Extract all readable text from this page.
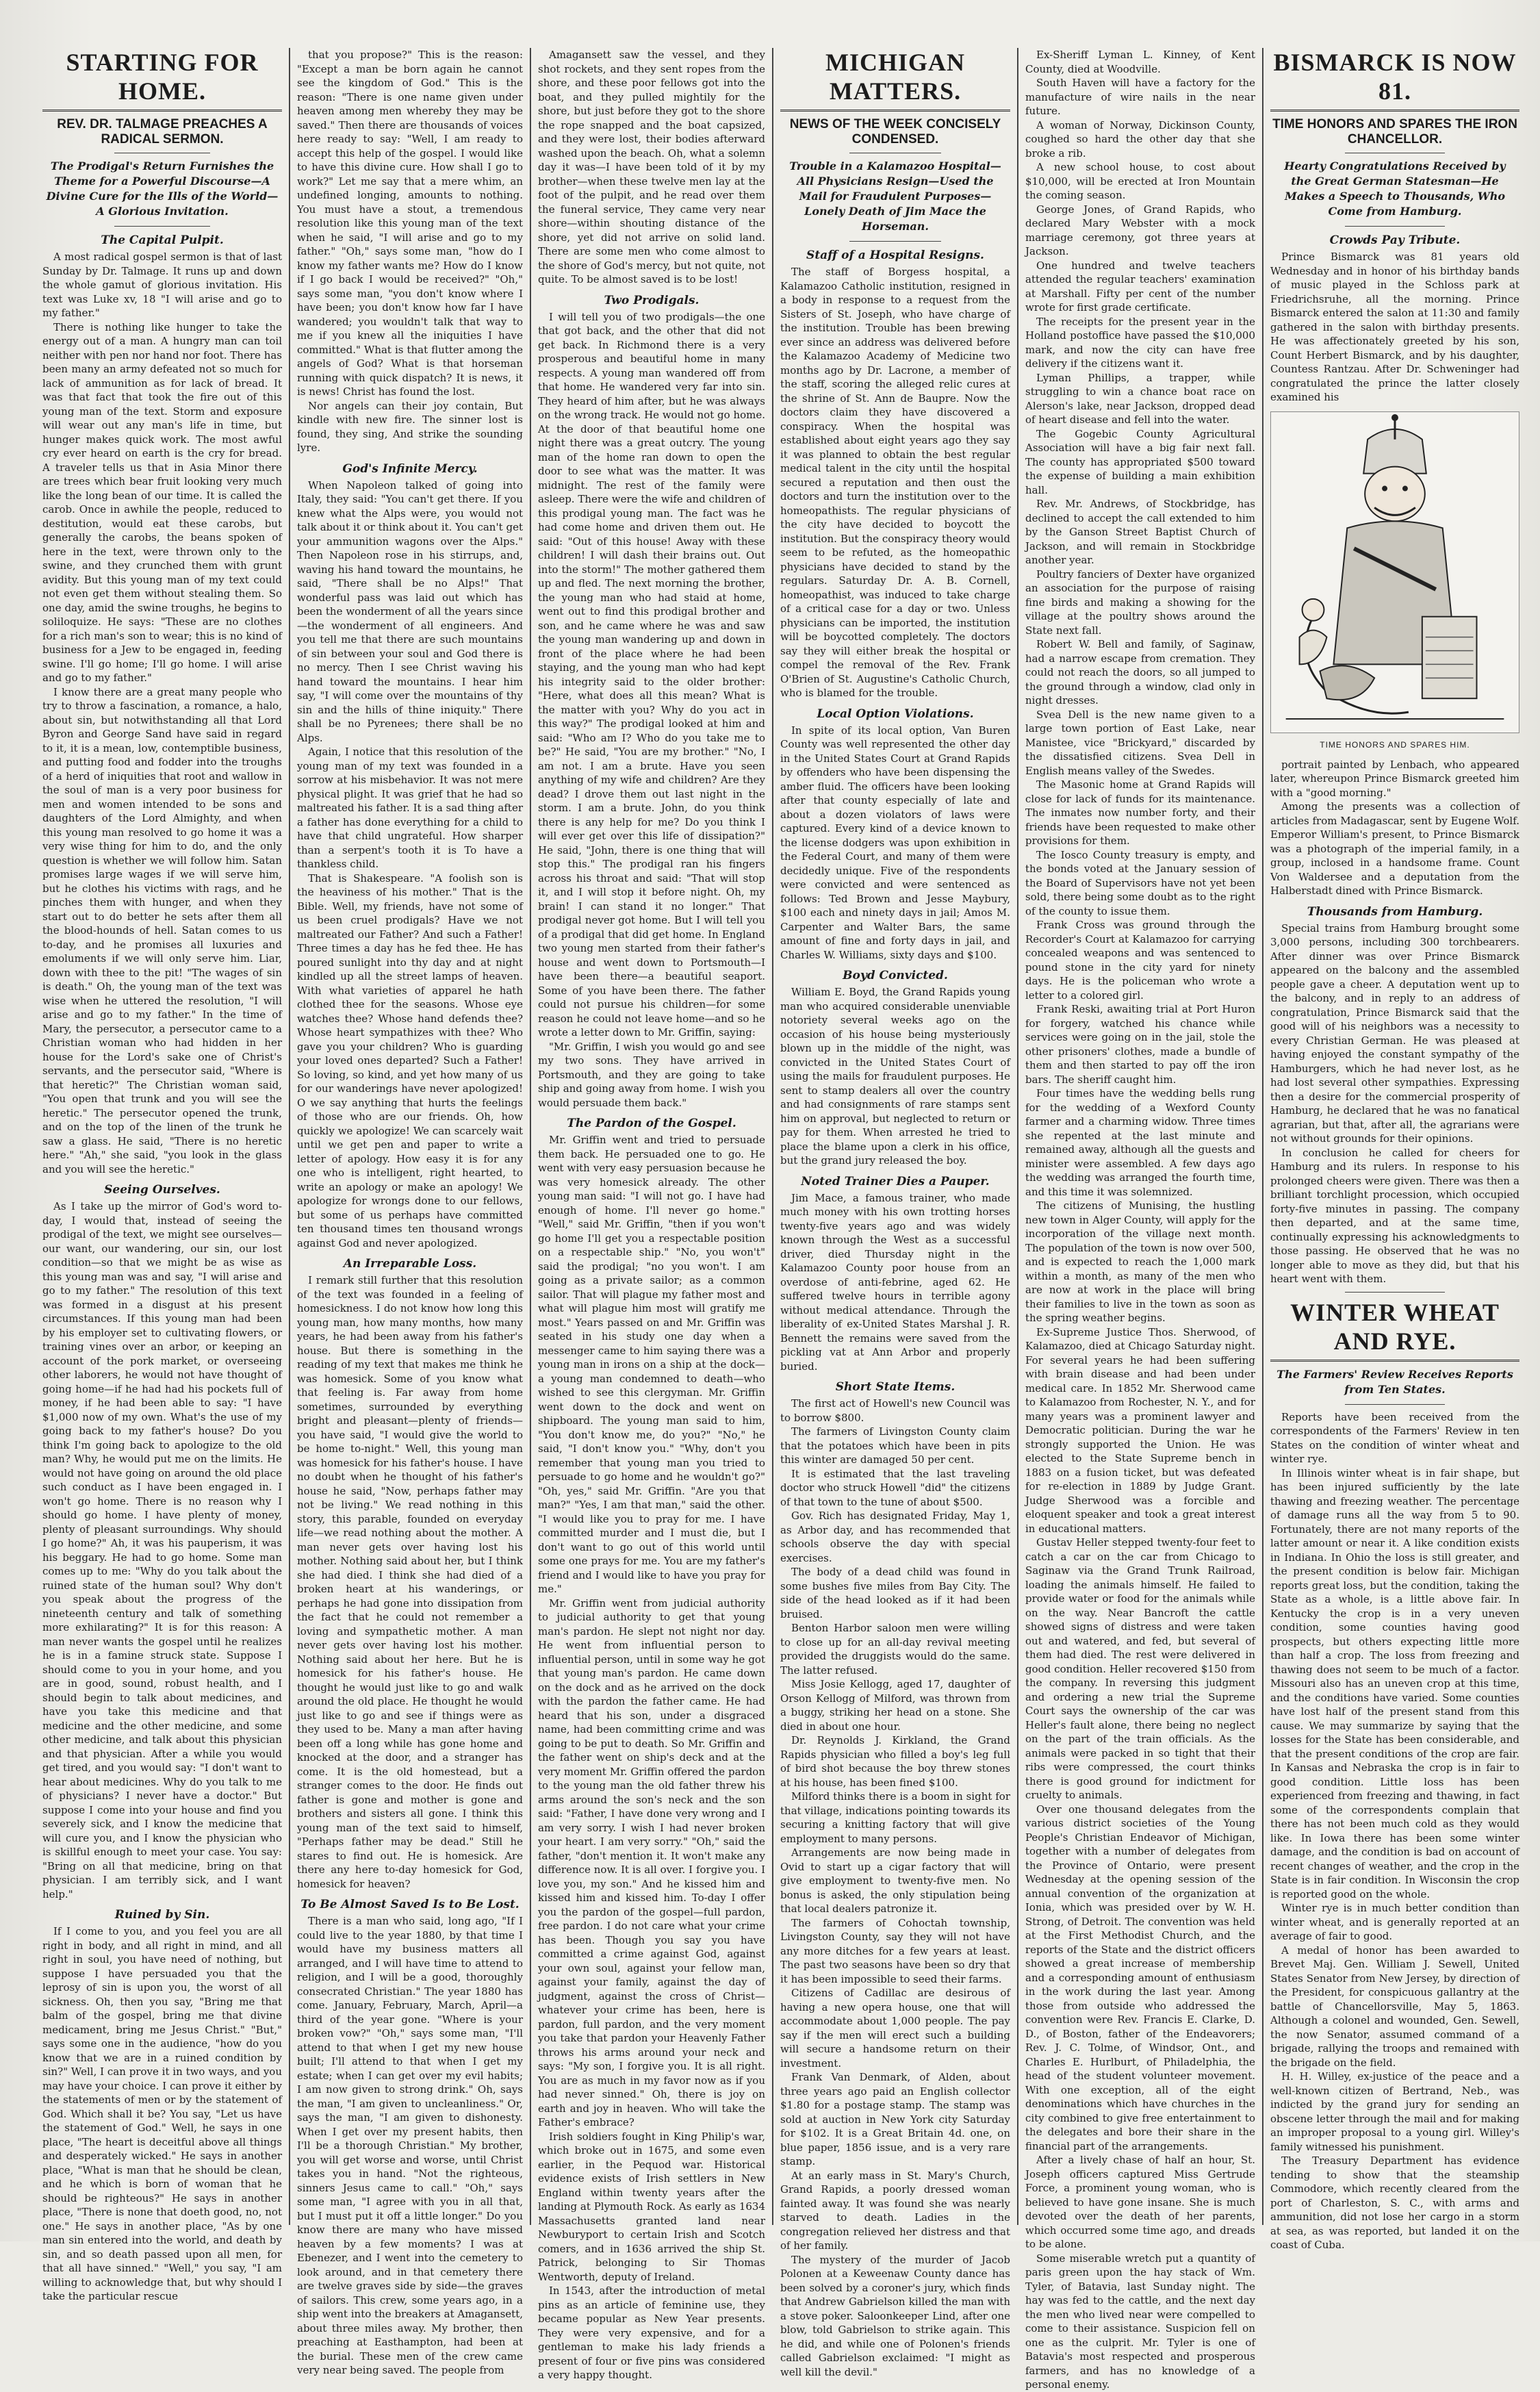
STARTING FOR HOME.
REV. DR. TALMAGE PREACHES A RADICAL SERMON.
The Prodigal's Return Furnishes the Theme for a Powerful Discourse—A Divine Cure for the Ills of the World—A Glorious Invitation.
The Capital Pulpit.

A most radical gospel sermon is that of last Sunday by Dr. Talmage. It runs up and down the whole gamut of glorious invitation. His text was Luke xv, 18 "I will arise and go to my father."

There is nothing like hunger to take the energy out of a man. A hungry man can toil neither with pen nor hand nor foot. There has been many an army defeated not so much for lack of ammunition as for lack of bread. It was that fact that took the fire out of this young man of the text. Storm and exposure will wear out any man's life in time, but hunger makes quick work. The most awful cry ever heard on earth is the cry for bread. A traveler tells us that in Asia Minor there are trees which bear fruit looking very much like the long bean of our time. It is called the carob. Once in awhile the people, reduced to destitution, would eat these carobs, but generally the carobs, the beans spoken of here in the text, were thrown only to the swine, and they crunched them with grunt avidity. But this young man of my text could not even get them without stealing them. So one day, amid the swine troughs, he begins to soliloquize. He says: "These are no clothes for a rich man's son to wear; this is no kind of business for a Jew to be engaged in, feeding swine. I'll go home; I'll go home. I will arise and go to my father."

I know there are a great many people who try to throw a fascination, a romance, a halo, about sin, but notwithstanding all that Lord Byron and George Sand have said in regard to it, it is a mean, low, contemptible business, and putting food and fodder into the troughs of a herd of iniquities that root and wallow in the soul of man is a very poor business for men and women intended to be sons and daughters of the Lord Almighty, and when this young man resolved to go home it was a very wise thing for him to do, and the only question is whether we will follow him. Satan promises large wages if we will serve him, but he clothes his victims with rags, and he pinches them with hunger, and when they start out to do better he sets after them all the blood-hounds of hell. Satan comes to us to-day, and he promises all luxuries and emoluments if we will only serve him. Liar, down with thee to the pit! "The wages of sin is death." Oh, the young man of the text was wise when he uttered the resolution, "I will arise and go to my father." In the time of Mary, the persecutor, a persecutor came to a Christian woman who had hidden in her house for the Lord's sake one of Christ's servants, and the persecutor said, "Where is that heretic?" The Christian woman said, "You open that trunk and you will see the heretic." The persecutor opened the trunk, and on the top of the linen of the trunk he saw a glass. He said, "There is no heretic here." "Ah," she said, "you look in the glass and you will see the heretic."

Seeing Ourselves.

As I take up the mirror of God's word to-day, I would that, instead of seeing the prodigal of the text, we might see ourselves—our want, our wandering, our sin, our lost condition—so that we might be as wise as this young man was and say, "I will arise and go to my father." The resolution of this text was formed in a disgust at his present circumstances. If this young man had been by his employer set to cultivating flowers, or training vines over an arbor, or keeping an account of the pork market, or overseeing other laborers, he would not have thought of going home—if he had had his pockets full of money, if he had been able to say: "I have $1,000 now of my own. What's the use of my going back to my father's house? Do you think I'm going back to apologize to the old man? Why, he would put me on the limits. He would not have going on around the old place such conduct as I have been engaged in. I won't go home. There is no reason why I should go home. I have plenty of money, plenty of pleasant surroundings. Why should I go home?" Ah, it was his pauperism, it was his beggary. He had to go home. Some man comes up to me: "Why do you talk about the ruined state of the human soul? Why don't you speak about the progress of the nineteenth century and talk of something more exhilarating?" It is for this reason: A man never wants the gospel until he realizes he is in a famine struck state. Suppose I should come to you in your home, and you are in good, sound, robust health, and I should begin to talk about medicines, and have you take this medicine and that medicine and the other medicine, and some other medicine, and talk about this physician and that physician. After a while you would get tired, and you would say: "I don't want to hear about medicines. Why do you talk to me of physicians? I never have a doctor." But suppose I come into your house and find you severely sick, and I know the medicine that will cure you, and I know the physician who is skillful enough to meet your case. You say: "Bring on all that medicine, bring on that physician. I am terribly sick, and I want help."

Ruined by Sin.

If I come to you, and you feel you are all right in body, and all right in mind, and all right in soul, you have need of nothing, but suppose I have persuaded you that the leprosy of sin is upon you, the worst of all sickness. Oh, then you say, "Bring me that balm of the gospel, bring me that divine medicament, bring me Jesus Christ." "But," says some one in the audience, "how do you know that we are in a ruined condition by sin?" Well, I can prove it in two ways, and you may have your choice. I can prove it either by the statements of men or by the statement of God. Which shall it be? You say, "Let us have the statement of God." Well, he says in one place, "The heart is deceitful above all things and desperately wicked." He says in another place, "What is man that he should be clean, and he which is born of woman that he should be righteous?" He says in another place, "There is none that doeth good, no, not one." He says in another place, "As by one man sin entered into the world, and death by sin, and so death passed upon all men, for that all have sinned." "Well," you say, "I am willing to acknowledge that, but why should I take the particular rescue

that you propose?" This is the reason: "Except a man be born again he cannot see the kingdom of God." This is the reason: "There is one name given under heaven among men whereby they may be saved." Then there are thousands of voices here ready to say: "Well, I am ready to accept this help of the gospel. I would like to have this divine cure. How shall I go to work?" Let me say that a mere whim, an undefined longing, amounts to nothing. You must have a stout, a tremendous resolution like this young man of the text when he said, "I will arise and go to my father." "Oh," says some man, "how do I know my father wants me? How do I know if I go back I would be received?" "Oh," says some man, "you don't know where I have been; you don't know how far I have wandered; you wouldn't talk that way to me if you knew all the iniquities I have committed." What is that flutter among the angels of God? What is that horseman running with quick dispatch? It is news, it is news! Christ has found the lost.

Nor angels can their joy contain, But kindle with new fire. The sinner lost is found, they sing, And strike the sounding lyre.

God's Infinite Mercy.

When Napoleon talked of going into Italy, they said: "You can't get there. If you knew what the Alps were, you would not talk about it or think about it. You can't get your ammunition wagons over the Alps." Then Napoleon rose in his stirrups, and, waving his hand toward the mountains, he said, "There shall be no Alps!" That wonderful pass was laid out which has been the wonderment of all the years since—the wonderment of all engineers. And you tell me that there are such mountains of sin between your soul and God there is no mercy. Then I see Christ waving his hand toward the mountains. I hear him say, "I will come over the mountains of thy sin and the hills of thine iniquity." There shall be no Pyrenees; there shall be no Alps.

Again, I notice that this resolution of the young man of my text was founded in a sorrow at his misbehavior. It was not mere physical plight. It was grief that he had so maltreated his father. It is a sad thing after a father has done everything for a child to have that child ungrateful. How sharper than a serpent's tooth it is To have a thankless child.

That is Shakespeare. "A foolish son is the heaviness of his mother." That is the Bible. Well, my friends, have not some of us been cruel prodigals? Have we not maltreated our Father? And such a Father! Three times a day has he fed thee. He has poured sunlight into thy day and at night kindled up all the street lamps of heaven. With what varieties of apparel he hath clothed thee for the seasons. Whose eye watches thee? Whose hand defends thee? Whose heart sympathizes with thee? Who gave you your children? Who is guarding your loved ones departed? Such a Father! So loving, so kind, and yet how many of us for our wanderings have never apologized! O we say anything that hurts the feelings of those who are our friends. Oh, how quickly we apologize! We can scarcely wait until we get pen and paper to write a letter of apology. How easy it is for any one who is intelligent, right hearted, to write an apology or make an apology! We apologize for wrongs done to our fellows, but some of us perhaps have committed ten thousand times ten thousand wrongs against God and never apologized.

An Irreparable Loss.

I remark still further that this resolution of the text was founded in a feeling of homesickness. I do not know how long this young man, how many months, how many years, he had been away from his father's house. But there is something in the reading of my text that makes me think he was homesick. Some of you know what that feeling is. Far away from home sometimes, surrounded by everything bright and pleasant—plenty of friends—you have said, "I would give the world to be home to-night." Well, this young man was homesick for his father's house. I have no doubt when he thought of his father's house he said, "Now, perhaps father may not be living." We read nothing in this story, this parable, founded on everyday life—we read nothing about the mother. A man never gets over having lost his mother. Nothing said about her, but I think she had died. I think she had died of a broken heart at his wanderings, or perhaps he had gone into dissipation from the fact that he could not remember a loving and sympathetic mother. A man never gets over having lost his mother. Nothing said about her here. But he is homesick for his father's house. He thought he would just like to go and walk around the old place. He thought he would just like to go and see if things were as they used to be. Many a man after having been off a long while has gone home and knocked at the door, and a stranger has come. It is the old homestead, but a stranger comes to the door. He finds out father is gone and mother is gone and brothers and sisters all gone. I think this young man of the text said to himself, "Perhaps father may be dead." Still he stares to find out. He is homesick. Are there any here to-day homesick for God, homesick for heaven?

To Be Almost Saved Is to Be Lost.

There is a man who said, long ago, "If I could live to the year 1880, by that time I would have my business matters all arranged, and I will have time to attend to religion, and I will be a good, thoroughly consecrated Christian." The year 1880 has come. January, February, March, April—a third of the year gone. "Where is your broken vow?" "Oh," says some man, "I'll attend to that when I get my new house built; I'll attend to that when I get my estate; when I can get over my evil habits; I am now given to strong drink." Oh, says the man, "I am given to uncleanliness." Or, says the man, "I am given to dishonesty. When I get over my present habits, then I'll be a thorough Christian." My brother, you will get worse and worse, until Christ takes you in hand. "Not the righteous, sinners Jesus came to call." "Oh," says some man, "I agree with you in all that, but I must put it off a little longer." Do you know there are many who have missed heaven by a few moments? I was at Ebenezer, and I went into the cemetery to look around, and in that cemetery there are twelve graves side by side—the graves of sailors. This crew, some years ago, in a ship went into the breakers at Amagansett, about three miles away. My brother, then preaching at Easthampton, had been at the burial. These men of the crew came very near being saved. The people from

Amagansett saw the vessel, and they shot rockets, and they sent ropes from the shore, and these poor fellows got into the boat, and they pulled mightily for the shore, but just before they got to the shore the rope snapped and the boat capsized, and they were lost, their bodies afterward washed upon the beach. Oh, what a solemn day it was—I have been told of it by my brother—when these twelve men lay at the foot of the pulpit, and he read over them the funeral service, They came very near shore—within shouting distance of the shore, yet did not arrive on solid land. There are some men who come almost to the shore of God's mercy, but not quite, not quite. To be almost saved is to be lost!

Two Prodigals.

I will tell you of two prodigals—the one that got back, and the other that did not get back. In Richmond there is a very prosperous and beautiful home in many respects. A young man wandered off from that home. He wandered very far into sin. They heard of him after, but he was always on the wrong track. He would not go home. At the door of that beautiful home one night there was a great outcry. The young man of the home ran down to open the door to see what was the matter. It was midnight. The rest of the family were asleep. There were the wife and children of this prodigal young man. The fact was he had come home and driven them out. He said: "Out of this house! Away with these children! I will dash their brains out. Out into the storm!" The mother gathered them up and fled. The next morning the brother, the young man who had staid at home, went out to find this prodigal brother and son, and he came where he was and saw the young man wandering up and down in front of the place where he had been staying, and the young man who had kept his integrity said to the older brother: "Here, what does all this mean? What is the matter with you? Why do you act in this way?" The prodigal looked at him and said: "Who am I? Who do you take me to be?" He said, "You are my brother." "No, I am not. I am a brute. Have you seen anything of my wife and children? Are they dead? I drove them out last night in the storm. I am a brute. John, do you think there is any help for me? Do you think I will ever get over this life of dissipation?" He said, "John, there is one thing that will stop this." The prodigal ran his fingers across his throat and said: "That will stop it, and I will stop it before night. Oh, my brain! I can stand it no longer." That prodigal never got home. But I will tell you of a prodigal that did get home. In England two young men started from their father's house and went down to Portsmouth—I have been there—a beautiful seaport. Some of you have been there. The father could not pursue his children—for some reason he could not leave home—and so he wrote a letter down to Mr. Griffin, saying:

"Mr. Griffin, I wish you would go and see my two sons. They have arrived in Portsmouth, and they are going to take ship and going away from home. I wish you would persuade them back."

The Pardon of the Gospel.

Mr. Griffin went and tried to persuade them back. He persuaded one to go. He went with very easy persuasion because he was very homesick already. The other young man said: "I will not go. I have had enough of home. I'll never go home." "Well," said Mr. Griffin, "then if you won't go home I'll get you a respectable position on a respectable ship." "No, you won't" said the prodigal; "no you won't. I am going as a private sailor; as a common sailor. That will plague my father most and what will plague him most will gratify me most." Years passed on and Mr. Griffin was seated in his study one day when a messenger came to him saying there was a young man in irons on a ship at the dock—a young man condemned to death—who wished to see this clergyman. Mr. Griffin went down to the dock and went on shipboard. The young man said to him, "You don't know me, do you?" "No," he said, "I don't know you." "Why, don't you remember that young man you tried to persuade to go home and he wouldn't go?" "Oh, yes," said Mr. Griffin. "Are you that man?" "Yes, I am that man," said the other. "I would like you to pray for me. I have committed murder and I must die, but I don't want to go out of this world until some one prays for me. You are my father's friend and I would like to have you pray for me."

Mr. Griffin went from judicial authority to judicial authority to get that young man's pardon. He slept not night nor day. He went from influential person to influential person, until in some way he got that young man's pardon. He came down on the dock and as he arrived on the dock with the pardon the father came. He had heard that his son, under a disgraced name, had been committing crime and was going to be put to death. So Mr. Griffin and the father went on ship's deck and at the very moment Mr. Griffin offered the pardon to the young man the old father threw his arms around the son's neck and the son said: "Father, I have done very wrong and I am very sorry. I wish I had never broken your heart. I am very sorry." "Oh," said the father, "don't mention it. It won't make any difference now. It is all over. I forgive you. I love you, my son." And he kissed him and kissed him and kissed him. To-day I offer you the pardon of the gospel—full pardon, free pardon. I do not care what your crime has been. Though you say you have committed a crime against God, against your own soul, against your fellow man, against your family, against the day of judgment, against the cross of Christ—whatever your crime has been, here is pardon, full pardon, and the very moment you take that pardon your Heavenly Father throws his arms around your neck and says: "My son, I forgive you. It is all right. You are as much in my favor now as if you had never sinned." Oh, there is joy on earth and joy in heaven. Who will take the Father's embrace?

Irish soldiers fought in King Philip's war, which broke out in 1675, and some even earlier, in the Pequod war. Historical evidence exists of Irish settlers in New England within twenty years after the landing at Plymouth Rock. As early as 1634 Massachusetts granted land near Newburyport to certain Irish and Scotch comers, and in 1636 arrived the ship St. Patrick, belonging to Sir Thomas Wentworth, deputy of Ireland.

In 1543, after the introduction of metal pins as an article of feminine use, they became popular as New Year presents. They were very expensive, and for a gentleman to make his lady friends a present of four or five pins was considered a very happy thought.

MICHIGAN MATTERS.
NEWS OF THE WEEK CONCISELY CONDENSED.
Trouble in a Kalamazoo Hospital—All Physicians Resign—Used the Mail for Fraudulent Purposes—Lonely Death of Jim Mace the Horseman.
Staff of a Hospital Resigns.

The staff of Borgess hospital, a Kalamazoo Catholic institution, resigned in a body in response to a request from the Sisters of St. Joseph, who have charge of the institution. Trouble has been brewing ever since an address was delivered before the Kalamazoo Academy of Medicine two months ago by Dr. Lacrone, a member of the staff, scoring the alleged relic cures at the shrine of St. Ann de Baupre. Now the doctors claim they have discovered a conspiracy. When the hospital was established about eight years ago they say it was planned to obtain the best regular medical talent in the city until the hospital secured a reputation and then oust the doctors and turn the institution over to the homeopathists. The regular physicians of the city have decided to boycott the institution. But the conspiracy theory would seem to be refuted, as the homeopathic physicians have decided to stand by the regulars. Saturday Dr. A. B. Cornell, homeopathist, was induced to take charge of a critical case for a day or two. Unless physicians can be imported, the institution will be boycotted completely. The doctors say they will either break the hospital or compel the removal of the Rev. Frank O'Brien of St. Augustine's Catholic Church, who is blamed for the trouble.

Local Option Violations.

In spite of its local option, Van Buren County was well represented the other day in the United States Court at Grand Rapids by offenders who have been dispensing the amber fluid. The officers have been looking after that county especially of late and about a dozen violators of laws were captured. Every kind of a device known to the license dodgers was upon exhibition in the Federal Court, and many of them were decidedly unique. Five of the respondents were convicted and were sentenced as follows: Ted Brown and Jesse Maybury, $100 each and ninety days in jail; Amos M. Carpenter and Walter Bars, the same amount of fine and forty days in jail, and Charles W. Williams, sixty days and $100.

Boyd Convicted.

William E. Boyd, the Grand Rapids young man who acquired considerable unenviable notoriety several weeks ago on the occasion of his house being mysteriously blown up in the middle of the night, was convicted in the United States Court of using the mails for fraudulent purposes. He sent to stamp dealers all over the country and had consignments of rare stamps sent him on approval, but neglected to return or pay for them. When arrested he tried to place the blame upon a clerk in his office, but the grand jury released the boy.

Noted Trainer Dies a Pauper.

Jim Mace, a famous trainer, who made much money with his own trotting horses twenty-five years ago and was widely known through the West as a successful driver, died Thursday night in the Kalamazoo County poor house from an overdose of anti-febrine, aged 62. He suffered twelve hours in terrible agony without medical attendance. Through the liberality of ex-United States Marshal J. R. Bennett the remains were saved from the pickling vat at Ann Arbor and properly buried.

Short State Items.

The first act of Howell's new Council was to borrow $800.

The farmers of Livingston County claim that the potatoes which have been in pits this winter are damaged 50 per cent.

It is estimated that the last traveling doctor who struck Howell "did" the citizens of that town to the tune of about $500.

Gov. Rich has designated Friday, May 1, as Arbor day, and has recommended that schools observe the day with special exercises.

The body of a dead child was found in some bushes five miles from Bay City. The side of the head looked as if it had been bruised.

Benton Harbor saloon men were willing to close up for an all-day revival meeting provided the druggists would do the same. The latter refused.

Miss Josie Kellogg, aged 17, daughter of Orson Kellogg of Milford, was thrown from a buggy, striking her head on a stone. She died in about one hour.

Dr. Reynolds J. Kirkland, the Grand Rapids physician who filled a boy's leg full of bird shot because the boy threw stones at his house, has been fined $100.

Milford thinks there is a boom in sight for that village, indications pointing towards its securing a knitting factory that will give employment to many persons.

Arrangements are now being made in Ovid to start up a cigar factory that will give employment to twenty-five men. No bonus is asked, the only stipulation being that local dealers patronize it.

The farmers of Cohoctah township, Livingston County, say they will not have any more ditches for a few years at least. The past two seasons have been so dry that it has been impossible to seed their farms.

Citizens of Cadillac are desirous of having a new opera house, one that will accommodate about 1,000 people. The pay say if the men will erect such a building will secure a handsome return on their investment.

Frank Van Denmark, of Alden, about three years ago paid an English collector $1.80 for a postage stamp. The stamp was sold at auction in New York city Saturday for $102. It is a Great Britain 4d. one, on blue paper, 1856 issue, and is a very rare stamp.

At an early mass in St. Mary's Church, Grand Rapids, a poorly dressed woman fainted away. It was found she was nearly starved to death. Ladies in the congregation relieved her distress and that of her family.

The mystery of the murder of Jacob Polonen at a Keweenaw County dance has been solved by a coroner's jury, which finds that Andrew Gabrielson killed the man with a stove poker. Saloonkeeper Lind, after one blow, told Gabrielson to strike again. This he did, and while one of Polonen's friends called Gabrielson exclaimed: "I might as well kill the devil."

Ex-Sheriff Lyman L. Kinney, of Kent County, died at Woodville.

South Haven will have a factory for the manufacture of wire nails in the near future.

A woman of Norway, Dickinson County, coughed so hard the other day that she broke a rib.

A new school house, to cost about $10,000, will be erected at Iron Mountain the coming season.

George Jones, of Grand Rapids, who declared Mary Webster with a mock marriage ceremony, got three years at Jackson.

One hundred and twelve teachers attended the regular teachers' examination at Marshall. Fifty per cent of the number wrote for first grade certificate.

The receipts for the present year in the Holland postoffice have passed the $10,000 mark, and now the city can have free delivery if the citizens want it.

Lyman Phillips, a trapper, while struggling to win a chance boat race on Alerson's lake, near Jackson, dropped dead of heart disease and fell into the water.

The Gogebic County Agricultural Association will have a big fair next fall. The county has appropriated $500 toward the expense of building a main exhibition hall.

Rev. Mr. Andrews, of Stockbridge, has declined to accept the call extended to him by the Ganson Street Baptist Church of Jackson, and will remain in Stockbridge another year.

Poultry fanciers of Dexter have organized an association for the purpose of raising fine birds and making a showing for the village at the poultry shows around the State next fall.

Robert W. Bell and family, of Saginaw, had a narrow escape from cremation. They could not reach the doors, so all jumped to the ground through a window, clad only in night dresses.

Svea Dell is the new name given to a large town portion of East Lake, near Manistee, vice "Brickyard," discarded by the dissatisfied citizens. Svea Dell in English means valley of the Swedes.

The Masonic home at Grand Rapids will close for lack of funds for its maintenance. The inmates now number forty, and their friends have been requested to make other provisions for them.

The Iosco County treasury is empty, and the bonds voted at the January session of the Board of Supervisors have not yet been sold, there being some doubt as to the right of the county to issue them.

Frank Cross was ground through the Recorder's Court at Kalamazoo for carrying concealed weapons and was sentenced to pound stone in the city yard for ninety days. He is the policeman who wrote a letter to a colored girl.

Frank Reski, awaiting trial at Port Huron for forgery, watched his chance while services were going on in the jail, stole the other prisoners' clothes, made a bundle of them and then started to pay off the iron bars. The sheriff caught him.

Four times have the wedding bells rung for the wedding of a Wexford County farmer and a charming widow. Three times she repented at the last minute and remained away, although all the guests and minister were assembled. A few days ago the wedding was arranged the fourth time, and this time it was solemnized.

The citizens of Munising, the hustling new town in Alger County, will apply for the incorporation of the village next month. The population of the town is now over 500, and is expected to reach the 1,000 mark within a month, as many of the men who are now at work in the place will bring their families to live in the town as soon as the spring weather begins.

Ex-Supreme Justice Thos. Sherwood, of Kalamazoo, died at Chicago Saturday night. For several years he had been suffering with brain disease and had been under medical care. In 1852 Mr. Sherwood came to Kalamazoo from Rochester, N. Y., and for many years was a prominent lawyer and Democratic politician. During the war he strongly supported the Union. He was elected to the State Supreme bench in 1883 on a fusion ticket, but was defeated for re-election in 1889 by Judge Grant. Judge Sherwood was a forcible and eloquent speaker and took a great interest in educational matters.

Gustav Heller stepped twenty-four feet to catch a car on the car from Chicago to Saginaw via the Grand Trunk Railroad, loading the animals himself. He failed to provide water or food for the animals while on the way. Near Bancroft the cattle showed signs of distress and were taken out and watered, and fed, but several of them had died. The rest were delivered in good condition. Heller recovered $150 from the company. In reversing this judgment and ordering a new trial the Supreme Court says the ownership of the car was Heller's fault alone, there being no neglect on the part of the train officials. As the animals were packed in so tight that their ribs were compressed, the court thinks there is good ground for indictment for cruelty to animals.

Over one thousand delegates from the various district societies of the Young People's Christian Endeavor of Michigan, together with a number of delegates from the Province of Ontario, were present Wednesday at the opening session of the annual convention of the organization at Ionia, which was presided over by W. H. Strong, of Detroit. The convention was held at the First Methodist Church, and the reports of the State and the district officers showed a great increase of membership and a corresponding amount of enthusiasm in the work during the last year. Among those from outside who addressed the convention were Rev. Francis E. Clarke, D. D., of Boston, father of the Endeavorers; Rev. J. C. Tolme, of Windsor, Ont., and Charles E. Hurlburt, of Philadelphia, the head of the student volunteer movement. With one exception, all of the eight denominations which have churches in the city combined to give free entertainment to the delegates and bore their share in the financial part of the arrangements.

After a lively chase of half an hour, St. Joseph officers captured Miss Gertrude Force, a prominent young woman, who is believed to have gone insane. She is much devoted over the death of her parents, which occurred some time ago, and dreads to be alone.

Some miserable wretch put a quantity of paris green upon the hay stack of Wm. Tyler, of Batavia, last Sunday night. The hay was fed to the cattle, and the next day the men who lived near were compelled to come to their assistance. Suspicion fell on one as the culprit. Mr. Tyler is one of Batavia's most respected and prosperous farmers, and has no knowledge of a personal enemy.

BISMARCK IS NOW 81.
TIME HONORS AND SPARES THE IRON CHANCELLOR.
Hearty Congratulations Received by the Great German Statesman—He Makes a Speech to Thousands, Who Come from Hamburg.
Crowds Pay Tribute.

Prince Bismarck was 81 years old Wednesday and in honor of his birthday bands of music played in the Schloss park at Friedrichsruhe, all the morning. Prince Bismarck entered the salon at 11:30 and family gathered in the salon with birthday presents. He was affectionately greeted by his son, Count Herbert Bismarck, and by his daughter, Countess Rantzau. After Dr. Schweninger had congratulated the prince the latter closely examined his

TIME HONORS AND SPARES HIM.

portrait painted by Lenbach, who appeared later, whereupon Prince Bismarck greeted him with a "good morning."

Among the presents was a collection of articles from Madagascar, sent by Eugene Wolf. Emperor William's present, to Prince Bismarck was a photograph of the imperial family, in a group, inclosed in a handsome frame. Count Von Waldersee and a deputation from the Halberstadt dined with Prince Bismarck.

Thousands from Hamburg.

Special trains from Hamburg brought some 3,000 persons, including 300 torchbearers. After dinner was over Prince Bismarck appeared on the balcony and the assembled people gave a cheer. A deputation went up to the balcony, and in reply to an address of congratulation, Prince Bismarck said that the good will of his neighbors was a necessity to every Christian German. He was pleased at having enjoyed the constant sympathy of the Hamburgers, which he had never lost, as he had lost several other sympathies. Expressing then a desire for the commercial prosperity of Hamburg, he declared that he was no fanatical agrarian, but that, after all, the agrarians were not without grounds for their opinions.

In conclusion he called for cheers for Hamburg and its rulers. In response to his prolonged cheers were given. There was then a brilliant torchlight procession, which occupied forty-five minutes in passing. The company then departed, and at the same time, continually expressing his acknowledgments to those passing. He observed that he was no longer able to move as they did, but that his heart went with them.

WINTER WHEAT AND RYE.
The Farmers' Review Receives Reports from Ten States.

Reports have been received from the correspondents of the Farmers' Review in ten States on the condition of winter wheat and winter rye.

In Illinois winter wheat is in fair shape, but has been injured sufficiently by the late thawing and freezing weather. The percentage of damage runs all the way from 5 to 90. Fortunately, there are not many reports of the latter amount or near it. A like condition exists in Indiana. In Ohio the loss is still greater, and the present condition is below fair. Michigan reports great loss, but the condition, taking the State as a whole, is a little above fair. In Kentucky the crop is in a very uneven condition, some counties having good prospects, but others expecting little more than half a crop. The loss from freezing and thawing does not seem to be much of a factor. Missouri also has an uneven crop at this time, and the conditions have varied. Some counties have lost half of the present stand from this cause. We may summarize by saying that the losses for the State has been considerable, and that the present conditions of the crop are fair. In Kansas and Nebraska the crop is in fair to good condition. Little loss has been experienced from freezing and thawing, in fact some of the correspondents complain that there has not been much cold as they would like. In Iowa there has been some winter damage, and the condition is bad on account of recent changes of weather, and the crop in the State is in fair condition. In Wisconsin the crop is reported good on the whole.

Winter rye is in much better condition than winter wheat, and is generally reported at an average of fair to good.

A medal of honor has been awarded to Brevet Maj. Gen. William J. Sewell, United States Senator from New Jersey, by direction of the President, for conspicuous gallantry at the battle of Chancellorsville, May 5, 1863. Although a colonel and wounded, Gen. Sewell, the now Senator, assumed command of a brigade, rallying the troops and remained with the brigade on the field.

H. H. Willey, ex-justice of the peace and a well-known citizen of Bertrand, Neb., was indicted by the grand jury for sending an obscene letter through the mail and for making an improper proposal to a young girl. Willey's family witnessed his punishment.

The Treasury Department has evidence tending to show that the steamship Commodore, which recently cleared from the port of Charleston, S. C., with arms and ammunition, did not lose her cargo in a storm at sea, as was reported, but landed it on the coast of Cuba.
